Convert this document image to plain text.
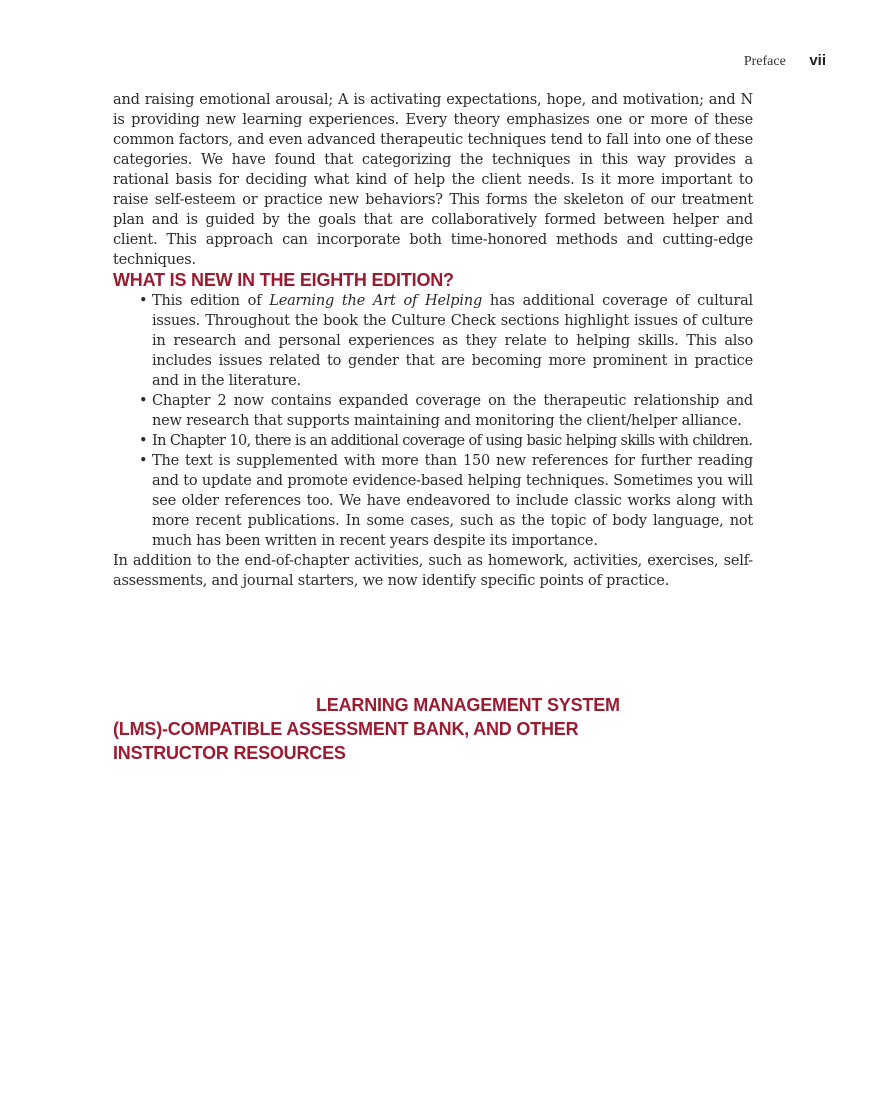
Preface vii

and raising emotional arousal; A is activating expectations, hope, and motivation; and N is providing new learning experiences. Every theory emphasizes one or more of these common factors, and even advanced therapeutic techniques tend to fall into one of these categories. We have found that categorizing the techniques in this way provides a rational basis for deciding what kind of help the client needs. Is it more important to raise self-esteem or practice new behaviors? This forms the skeleton of our treatment plan and is guided by the goals that are collaboratively formed between helper and client. This approach can incorporate both time-honored methods and cutting-edge techniques.

WHAT IS NEW IN THE EIGHTH EDITION?
• This edition of Learning the Art of Helping has additional coverage of cultural issues. Throughout the book the Culture Check sections highlight issues of culture in research and personal experiences as they relate to helping skills. This also includes issues related to gender that are becoming more prominent in practice and in the literature.
• Chapter 2 now contains expanded coverage on the therapeutic relationship and new research that supports maintaining and monitoring the client/helper alliance.
• In Chapter 10, there is an additional coverage of using basic helping skills with children.
• The text is supplemented with more than 150 new references for further reading and to update and promote evidence-based helping techniques. Sometimes you will see older references too. We have endeavored to include classic works along with more recent publications. In some cases, such as the topic of body language, not much has been written in recent years despite its importance.

In addition to the end-of-chapter activities, such as homework, activities, exercises, self-assessments, and journal starters, we now identify specific points of practice.

LEARNING MANAGEMENT SYSTEM
(LMS)-COMPATIBLE ASSESSMENT BANK, AND OTHER
INSTRUCTOR RESOURCES
